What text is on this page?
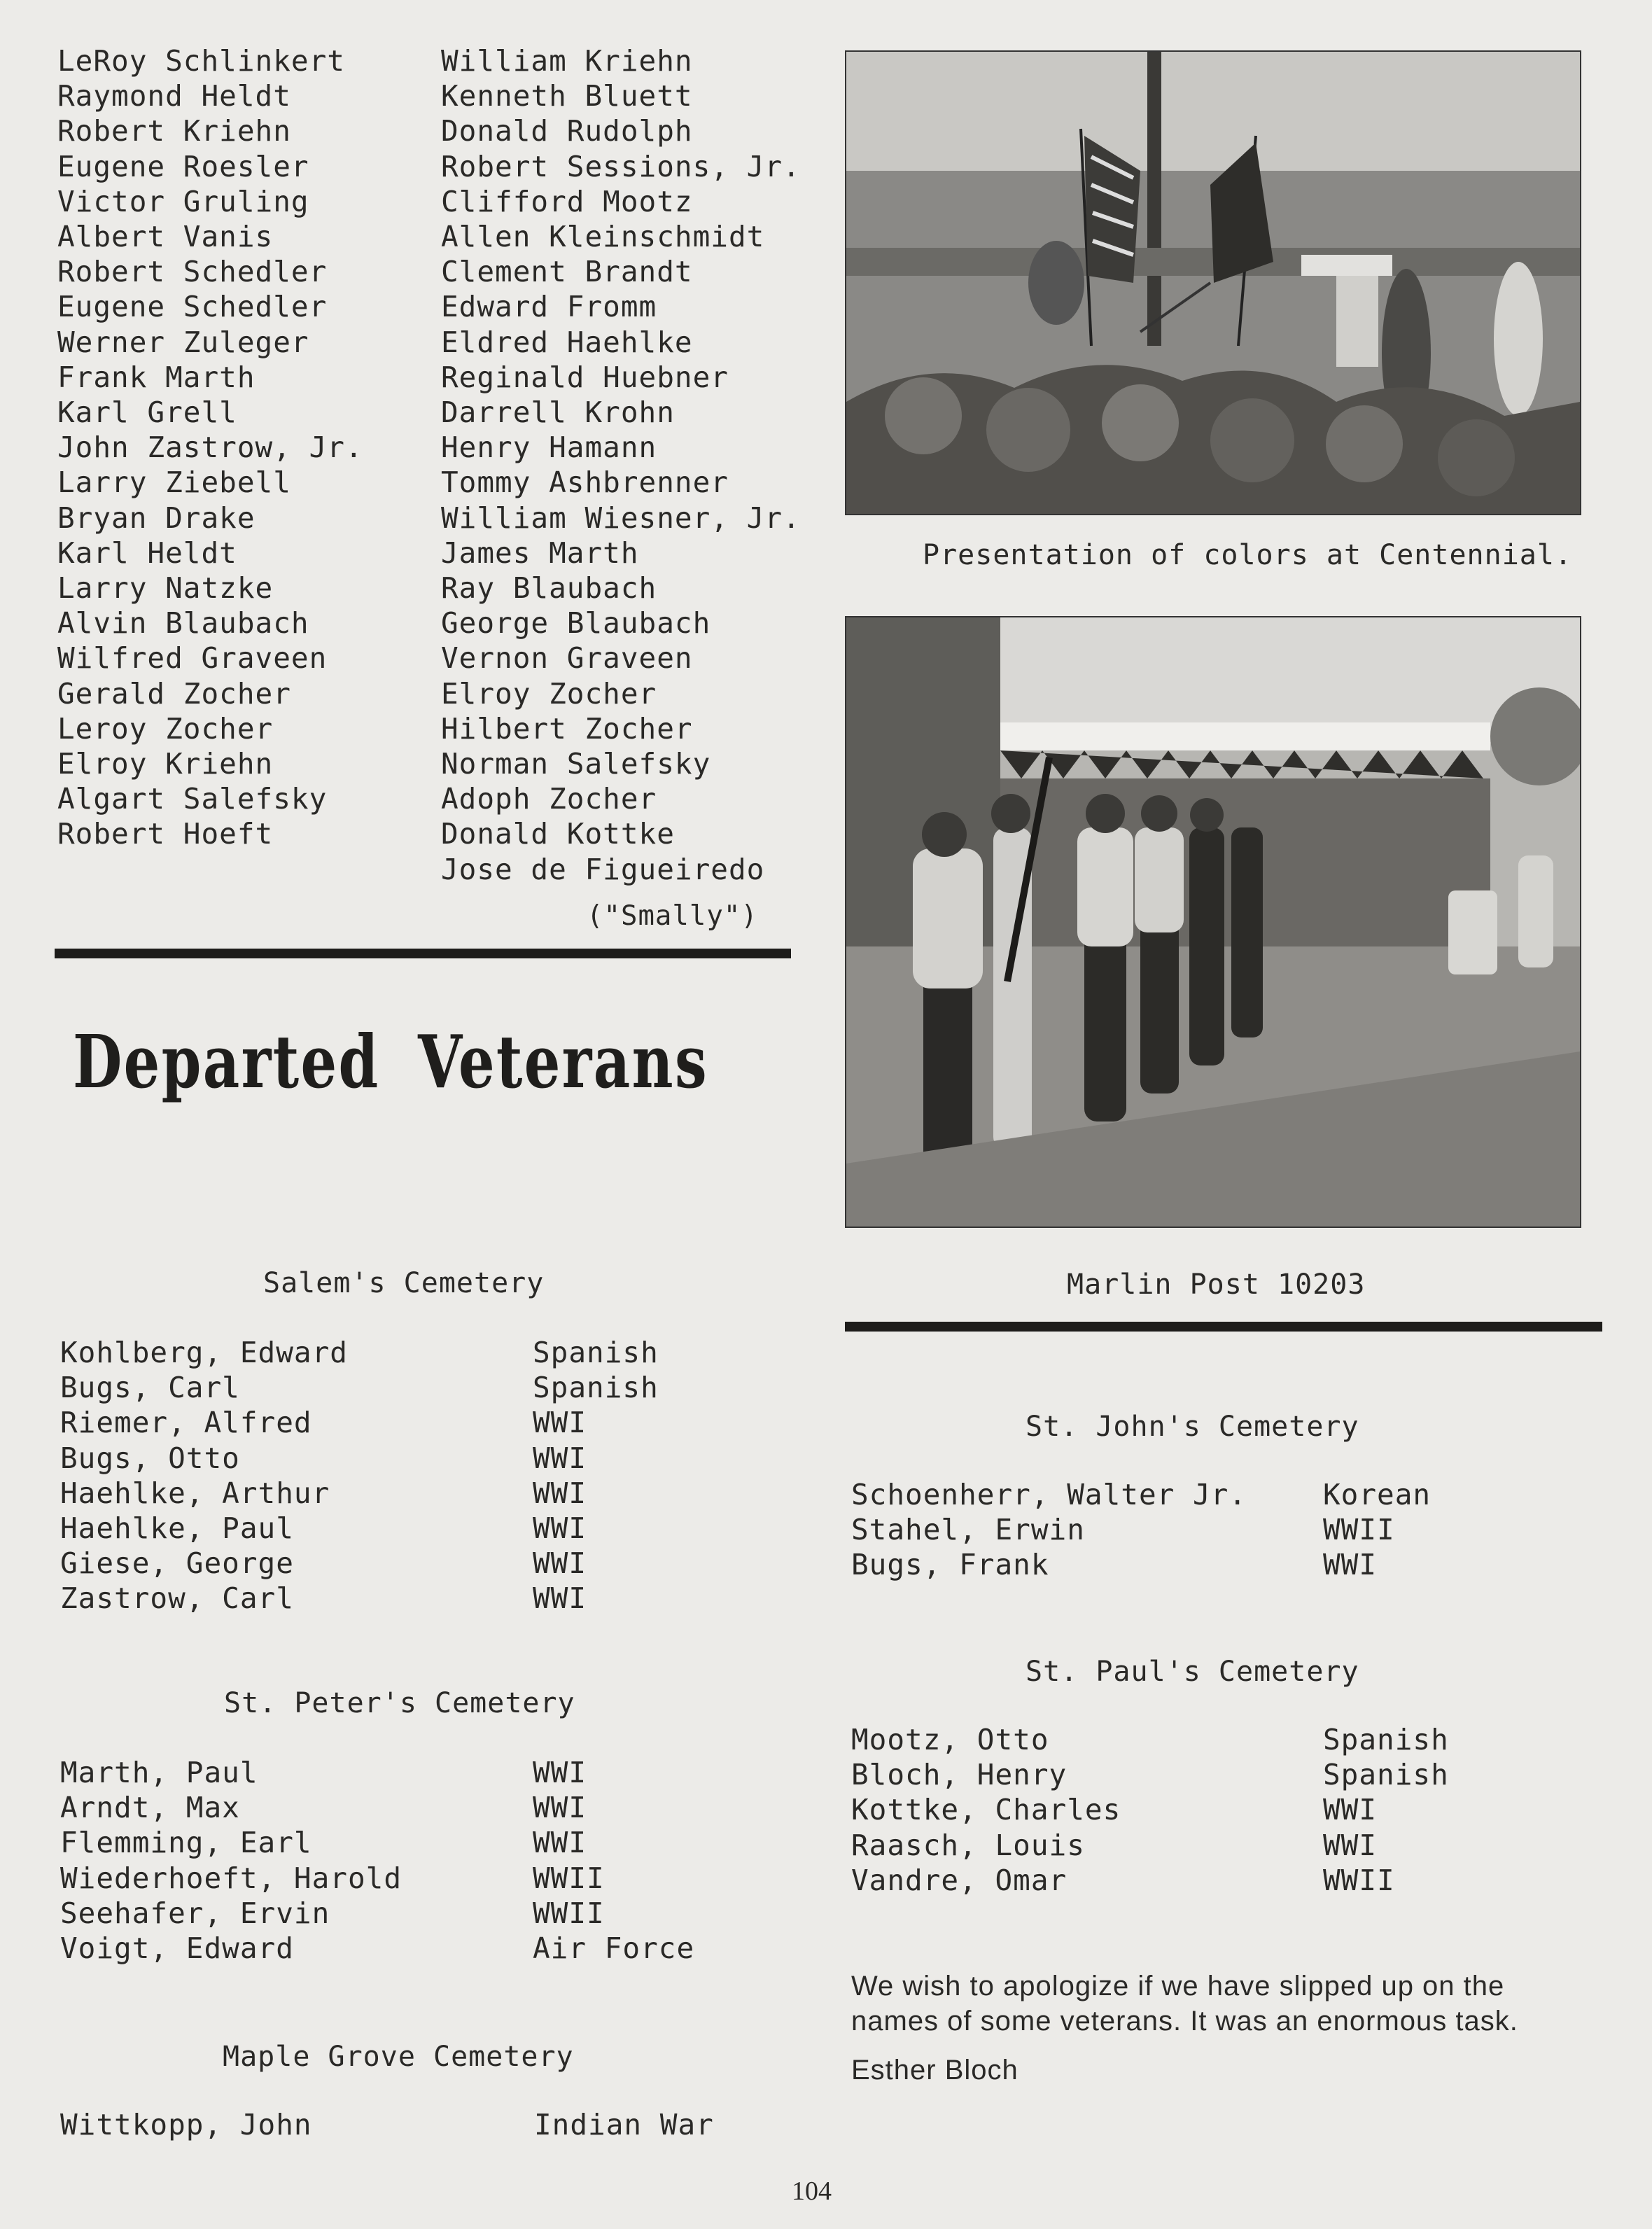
LeRoy Schlinkert
Raymond Heldt
Robert Kriehn
Eugene Roesler
Victor Gruling
Albert Vanis
Robert Schedler
Eugene Schedler
Werner Zuleger
Frank Marth
Karl Grell
John Zastrow, Jr.
Larry Ziebell
Bryan Drake
Karl Heldt
Larry Natzke
Alvin Blaubach
Wilfred Graveen
Gerald Zocher
Leroy Zocher
Elroy Kriehn
Algart Salefsky
Robert Hoeft
William Kriehn
Kenneth Bluett
Donald Rudolph
Robert Sessions, Jr.
Clifford Mootz
Allen Kleinschmidt
Clement Brandt
Edward Fromm
Eldred Haehlke
Reginald Huebner
Darrell Krohn
Henry Hamann
Tommy Ashbrenner
William Wiesner, Jr.
James Marth
Ray Blaubach
George Blaubach
Vernon Graveen
Elroy Zocher
Hilbert Zocher
Norman Salefsky
Adoph Zocher
Donald Kottke
Jose de Figueiredo
("Smally")
Departed Veterans
Salem's Cemetery
Kohlberg, Edward	Spanish
Bugs, Carl	Spanish
Riemer, Alfred	WWI
Bugs, Otto	WWI
Haehlke, Arthur	WWI
Haehlke, Paul	WWI
Giese, George	WWI
Zastrow, Carl	WWI
St. Peter's Cemetery
Marth, Paul	WWI
Arndt, Max	WWI
Flemming, Earl	WWI
Wiederhoeft, Harold	WWII
Seehafer, Ervin	WWII
Voigt, Edward	Air Force
Maple Grove Cemetery
Wittkopp, John	Indian War
Presentation of colors at Centennial.
Marlin Post 10203
St. John's Cemetery
Schoenherr, Walter Jr.	Korean
Stahel, Erwin	WWII
Bugs, Frank	WWI
St. Paul's Cemetery
Mootz, Otto	Spanish
Bloch, Henry	Spanish
Kottke, Charles	WWI
Raasch, Louis	WWI
Vandre, Omar	WWII
We wish to apologize if we have slipped up on the names of some veterans. It was an enormous task.
Esther Bloch
104
